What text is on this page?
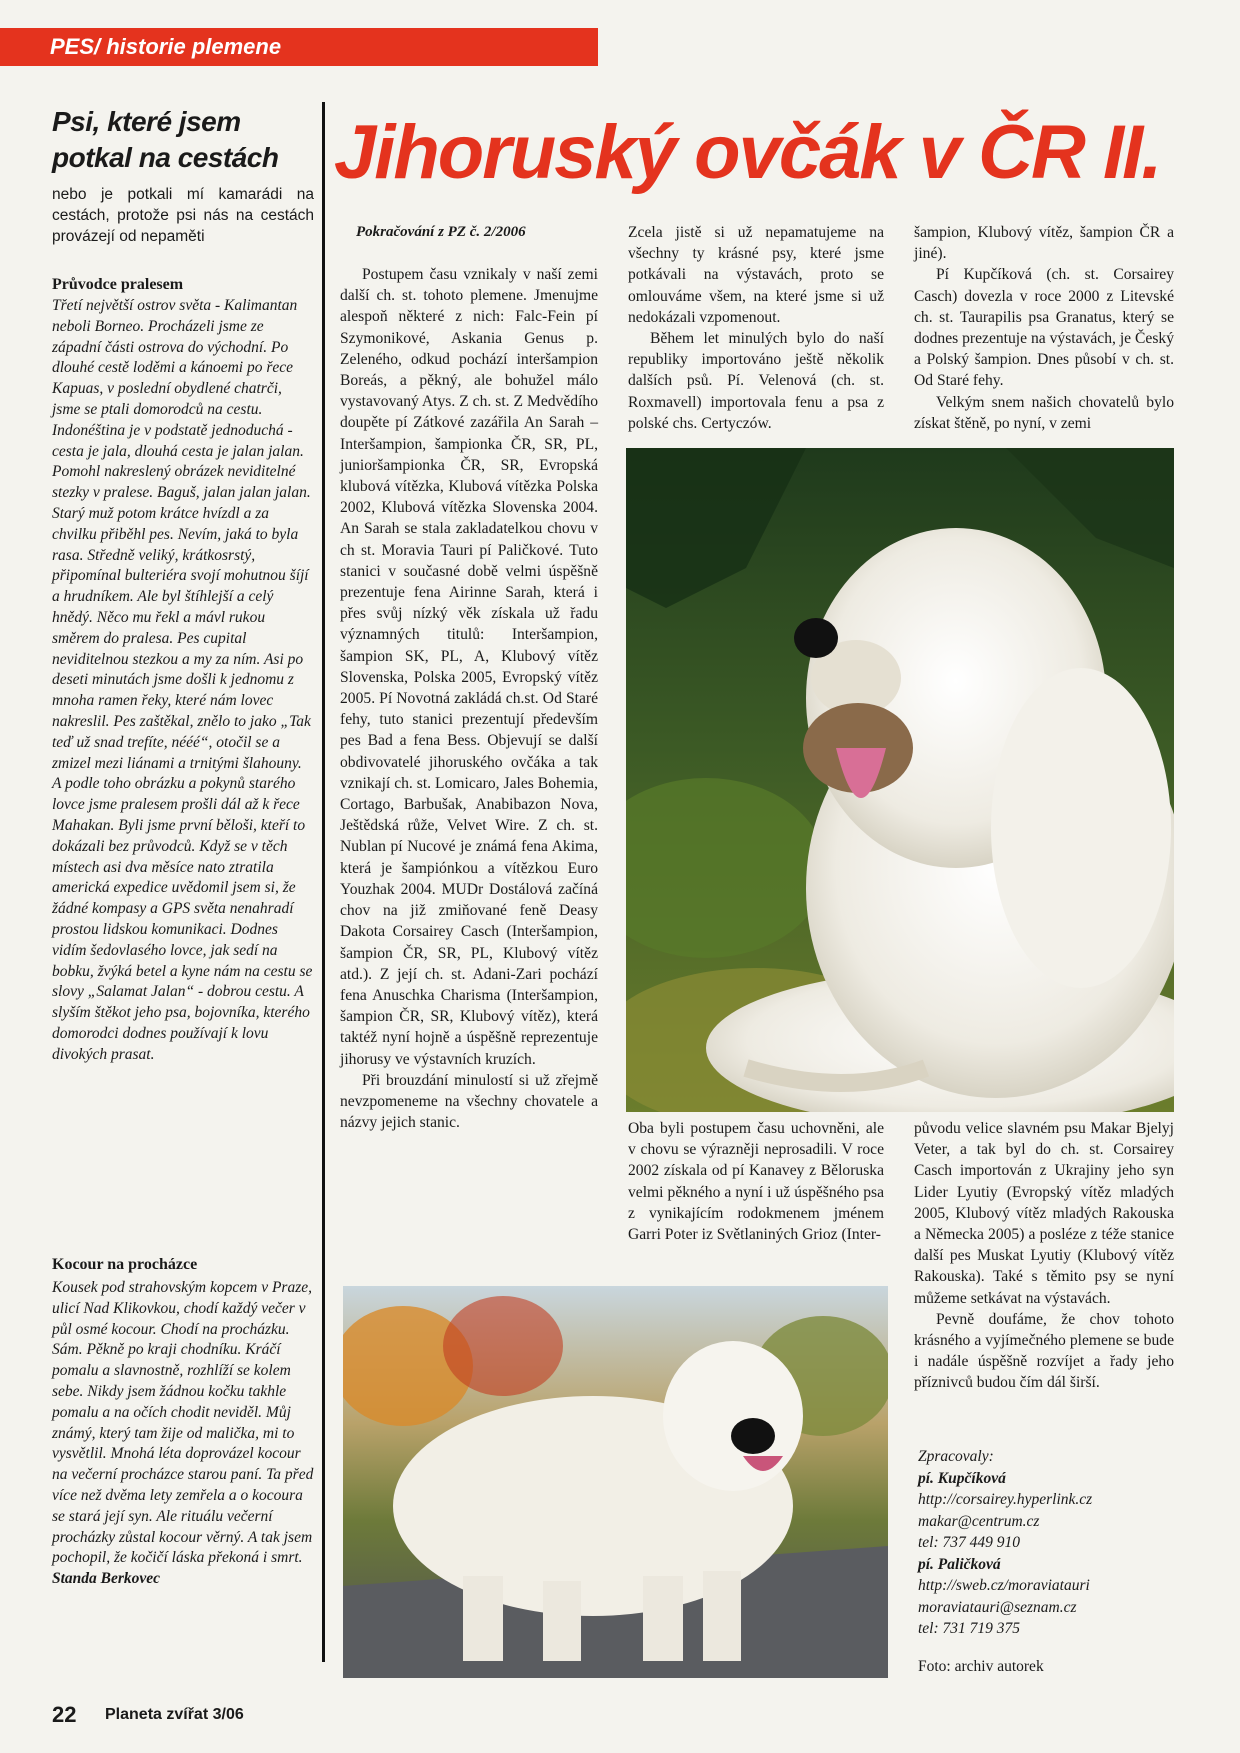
PES/ historie plemene
Psi, které jsem potkal na cestách
nebo je potkali mí kamarádi na cestách, protože psi nás na cestách provázejí od nepaměti
Průvodce pralesem

Třetí největší ostrov světa - Kalimantan neboli Borneo. Procházeli jsme ze západní části ostrova do východní. Po dlouhé cestě loděmi a kánoemi po řece Kapuas, v poslední obydlené chatrči, jsme se ptali domorodců na cestu. Indonéština je v podstatě jednoduchá - cesta je jala, dlouhá cesta je jalan jalan. Pomohl nakreslený obrázek neviditelné stezky v pralese. Baguš, jalan jalan jalan. Starý muž potom krátce hvízdl a za chvilku přiběhl pes. Nevím, jaká to byla rasa. Středně veliký, krátkosrstý, připomínal bulteriéra svojí mohutnou šíjí a hrudníkem. Ale byl štíhlejší a celý hnědý. Něco mu řekl a mávl rukou směrem do pralesa. Pes cupital neviditelnou stezkou a my za ním. Asi po deseti minutách jsme došli k jednomu z mnoha ramen řeky, které nám lovec nakreslil. Pes zaštěkal, znělo to jako „Tak teď už snad trefíte, nééé“, otočil se a zmizel mezi liánami a trnitými šlahouny.

A podle toho obrázku a pokynů starého lovce jsme pralesem prošli dál až k řece Mahakan. Byli jsme první běloši, kteří to dokázali bez průvodců. Když se v těch místech asi dva měsíce nato ztratila americká expedice uvědomil jsem si, že žádné kompasy a GPS světa nenahradí prostou lidskou komunikaci. Dodnes vidím šedovlasého lovce, jak sedí na bobku, žvýká betel a kyne nám na cestu se slovy „Salamat Jalan“ - dobrou cestu. A slyším štěkot jeho psa, bojovníka, kterého domorodci dodnes používají k lovu divokých prasat.

Kocour na procházce

Kousek pod strahovským kopcem v Praze, ulicí Nad Klikovkou, chodí každý večer v půl osmé kocour. Chodí na procházku. Sám. Pěkně po kraji chodníku. Kráčí pomalu a slavnostně, rozhlíží se kolem sebe. Nikdy jsem žádnou kočku takhle pomalu a na očích chodit neviděl. Můj známý, který tam žije od malička, mi to vysvětlil. Mnohá léta doprovázel kocour na večerní procházce starou paní. Ta před více než dvěma lety zemřela a o kocoura se stará její syn. Ale rituálu večerní procházky zůstal kocour věrný. A tak jsem pochopil, že kočičí láska překoná i smrt.

Standa Berkovec

Jihoruský ovčák v ČR II.
Pokračování z PZ č. 2/2006

Postupem času vznikaly v naší zemi další ch. st. tohoto plemene. Jmenujme alespoň některé z nich: Falc-Fein pí Szymonikové, Askania Genus p. Zeleného, odkud pochází interšampion Boreás, a pěkný, ale bohužel málo vystavovaný Atys. Z ch. st. Z Medvědího doupěte pí Zátkové zazářila An Sarah – Interšampion, šampionka ČR, SR, PL, junioršampionka ČR, SR, Evropská klubová vítězka, Klubová vítězka Polska 2002, Klubová vítězka Slovenska 2004. An Sarah se stala zakladatelkou chovu v ch st. Moravia Tauri pí Paličkové. Tuto stanici v současné době velmi úspěšně prezentuje fena Airinne Sarah, která i přes svůj nízký věk získala už řadu významných titulů: Interšampion, šampion SK, PL, A, Klubový vítěz Slovenska, Polska 2005, Evropský vítěz 2005. Pí Novotná zakládá ch.st. Od Staré fehy, tuto stanici prezentují především pes Bad a fena Bess. Objevují se další obdivovatelé jihoruského ovčáka a tak vznikají ch. st. Lomicaro, Jales Bohemia, Cortago, Barbušak, Anabibazon Nova, Ještědská růže, Velvet Wire. Z ch. st. Nublan pí Nucové je známá fena Akima, která je šampiónkou a vítězkou Euro Youzhak 2004. MUDr Dostálová začíná chov na již zmiňované feně Deasy Dakota Corsairey Casch (Interšampion, šampion ČR, SR, PL, Klubový vítěz atd.). Z její ch. st. Adani-Zari pochází fena Anuschka Charisma (Interšampion, šampion ČR, SR, Klubový vítěz), která taktéž nyní hojně a úspěšně reprezentuje jihorusy ve výstavních kruzích.

Při brouzdání minulostí si už zřejmě nevzpomeneme na všechny chovatele a názvy jejich stanic.

Zcela jistě si už nepamatujeme na všechny ty krásné psy, které jsme potkávali na výstavách, proto se omlouváme všem, na které jsme si už nedokázali vzpomenout.

Během let minulých bylo do naší republiky importováno ještě několik dalších psů. Pí. Velenová (ch. st. Roxmavell) importovala fenu a psa z polské chs. Certyczów.

šampion, Klubový vítěz, šampion ČR a jiné).

Pí Kupčíková (ch. st. Corsairey Casch) dovezla v roce 2000 z Litevské ch. st. Taurapilis psa Granatus, který se dodnes prezentuje na výstavách, je Český a Polský šampion. Dnes působí v ch. st. Od Staré fehy.

Velkým snem našich chovatelů bylo získat štěně, po nyní, v zemi

Oba byli postupem času uchovněni, ale v chovu se výrazněji neprosadili. V roce 2002 získala od pí Kanavey z Běloruska velmi pěkného a nyní i už úspěšného psa z vynikajícím rodokmenem jménem Garri Poter iz Světlaniných Grioz (Inter-

původu velice slavném psu Makar Bjelyj Veter, a tak byl do ch. st. Corsairey Casch importován z Ukrajiny jeho syn Lider Lyutiy (Evropský vítěz mladých 2005, Klubový vítěz mladých Rakouska a Německa 2005) a posléze z téže stanice další pes Muskat Lyutiy (Klubový vítěz Rakouska). Také s těmito psy se nyní můžeme setkávat na výstavách.

Pevně doufáme, že chov tohoto krásného a vyjímečného plemene se bude i nadále úspěšně rozvíjet a řady jeho příznivců budou čím dál širší.

Zpracovaly:
pí. Kupčíková
http://corsairey.hyperlink.cz
makar@centrum.cz
tel: 737 449 910
pí. Paličková
http://sweb.cz/moraviatauri
moraviatauri@seznam.cz
tel: 731 719 375
Foto: archiv autorek
22 Planeta zvířat 3/06
